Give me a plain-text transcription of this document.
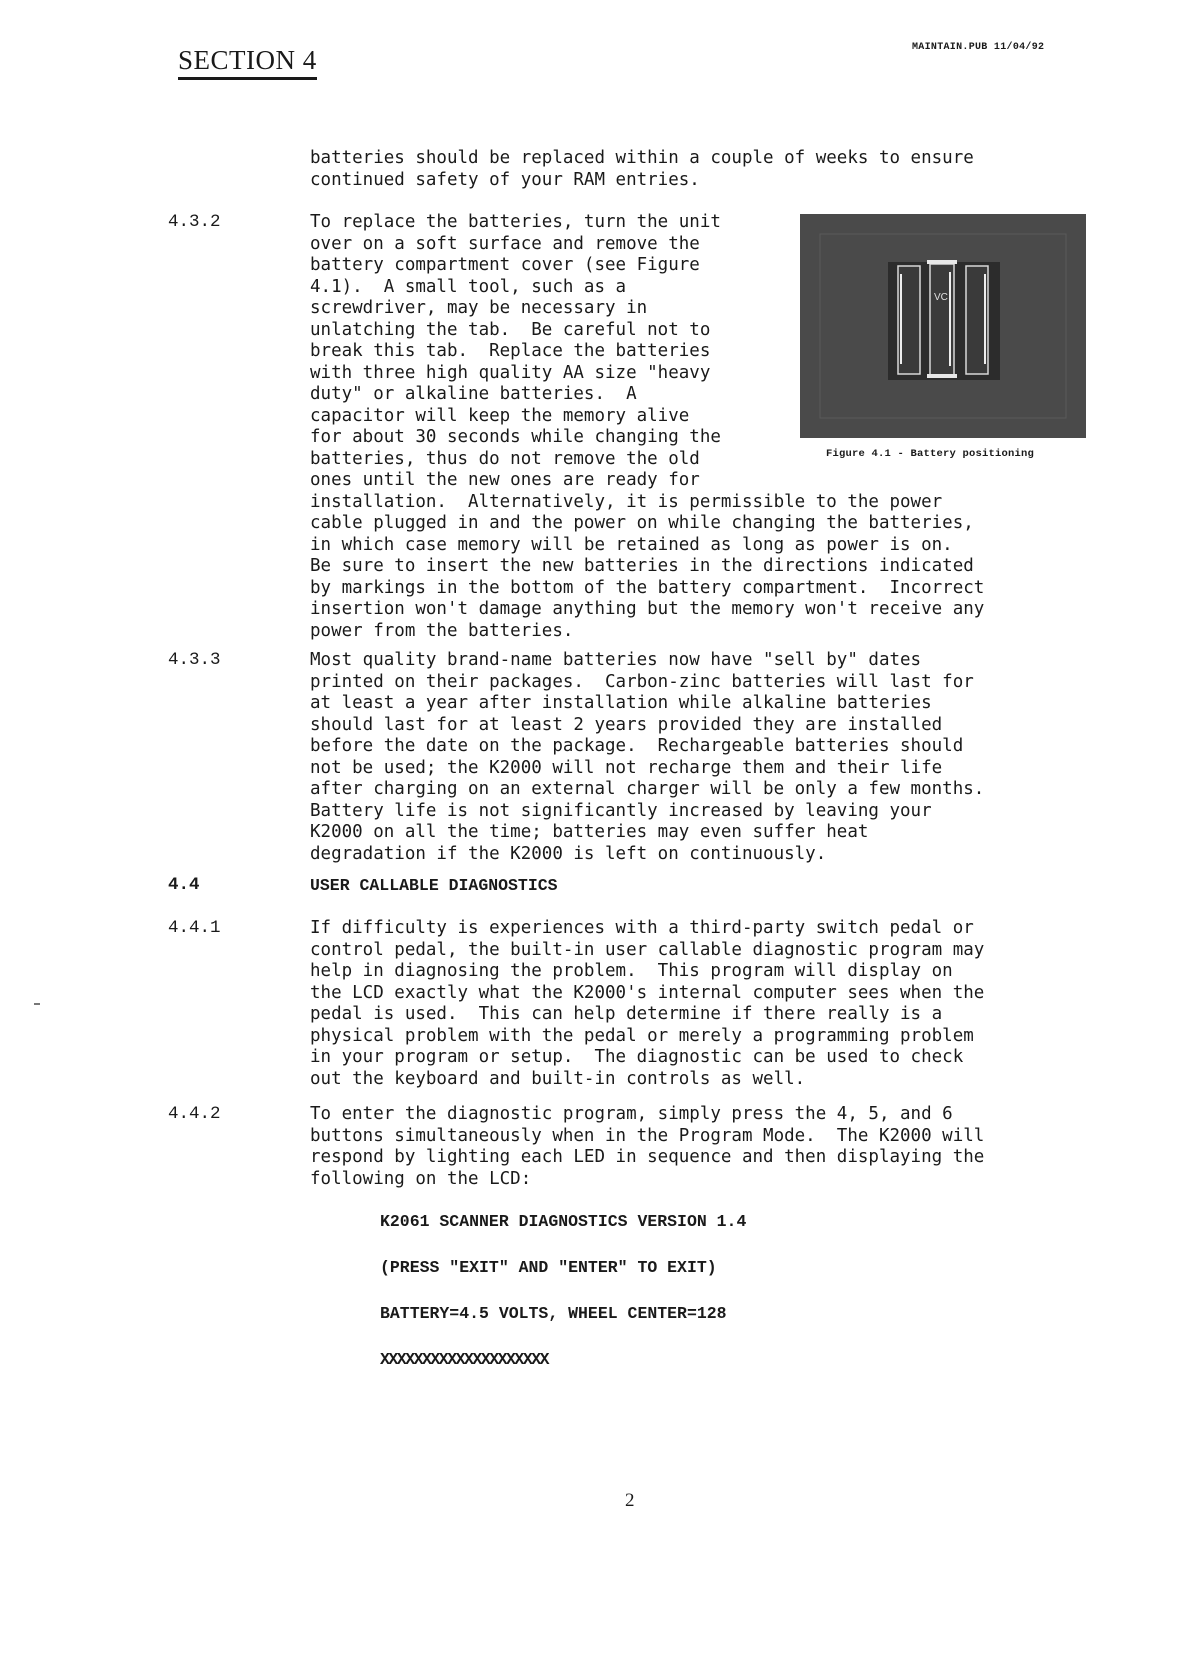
SECTION 4	MAINTAIN.PUB 11/04/92
batteries should be replaced within a couple of weeks to ensure
continued safety of your RAM entries.
4.3.2	To replace the batteries, turn the unit
over on a soft surface and remove the
battery compartment cover (see Figure
4.1).  A small tool, such as a
screwdriver, may be necessary in
unlatching the tab.  Be careful not to
break this tab.  Replace the batteries
with three high quality AA size "heavy
duty" or alkaline batteries.  A
capacitor will keep the memory alive
for about 30 seconds while changing the
batteries, thus do not remove the old
ones until the new ones are ready for
installation.  Alternatively, it is permissible to the power
cable plugged in and the power on while changing the batteries,
in which case memory will be retained as long as power is on.
Be sure to insert the new batteries in the directions indicated
by markings in the bottom of the battery compartment.  Incorrect
insertion won't damage anything but the memory won't receive any
power from the batteries.
VC
Figure 4.1 - Battery positioning
4.3.3	Most quality brand-name batteries now have "sell by" dates
printed on their packages.  Carbon-zinc batteries will last for
at least a year after installation while alkaline batteries
should last for at least 2 years provided they are installed
before the date on the package.  Rechargeable batteries should
not be used; the K2000 will not recharge them and their life
after charging on an external charger will be only a few months.
Battery life is not significantly increased by leaving your
K2000 on all the time; batteries may even suffer heat
degradation if the K2000 is left on continuously.
4.4	USER CALLABLE DIAGNOSTICS
4.4.1	If difficulty is experiences with a third-party switch pedal or
control pedal, the built-in user callable diagnostic program may
help in diagnosing the problem.  This program will display on
the LCD exactly what the K2000's internal computer sees when the
pedal is used.  This can help determine if there really is a
physical problem with the pedal or merely a programming problem
in your program or setup.  The diagnostic can be used to check
out the keyboard and built-in controls as well.
4.4.2	To enter the diagnostic program, simply press the 4, 5, and 6
buttons simultaneously when in the Program Mode.  The K2000 will
respond by lighting each LED in sequence and then displaying the
following on the LCD:
K2061 SCANNER DIAGNOSTICS VERSION 1.4
(PRESS "EXIT" AND "ENTER" TO EXIT)
BATTERY=4.5 VOLTS, WHEEL CENTER=128
XXXXXXXXXXXXXXXXXXXX
2
